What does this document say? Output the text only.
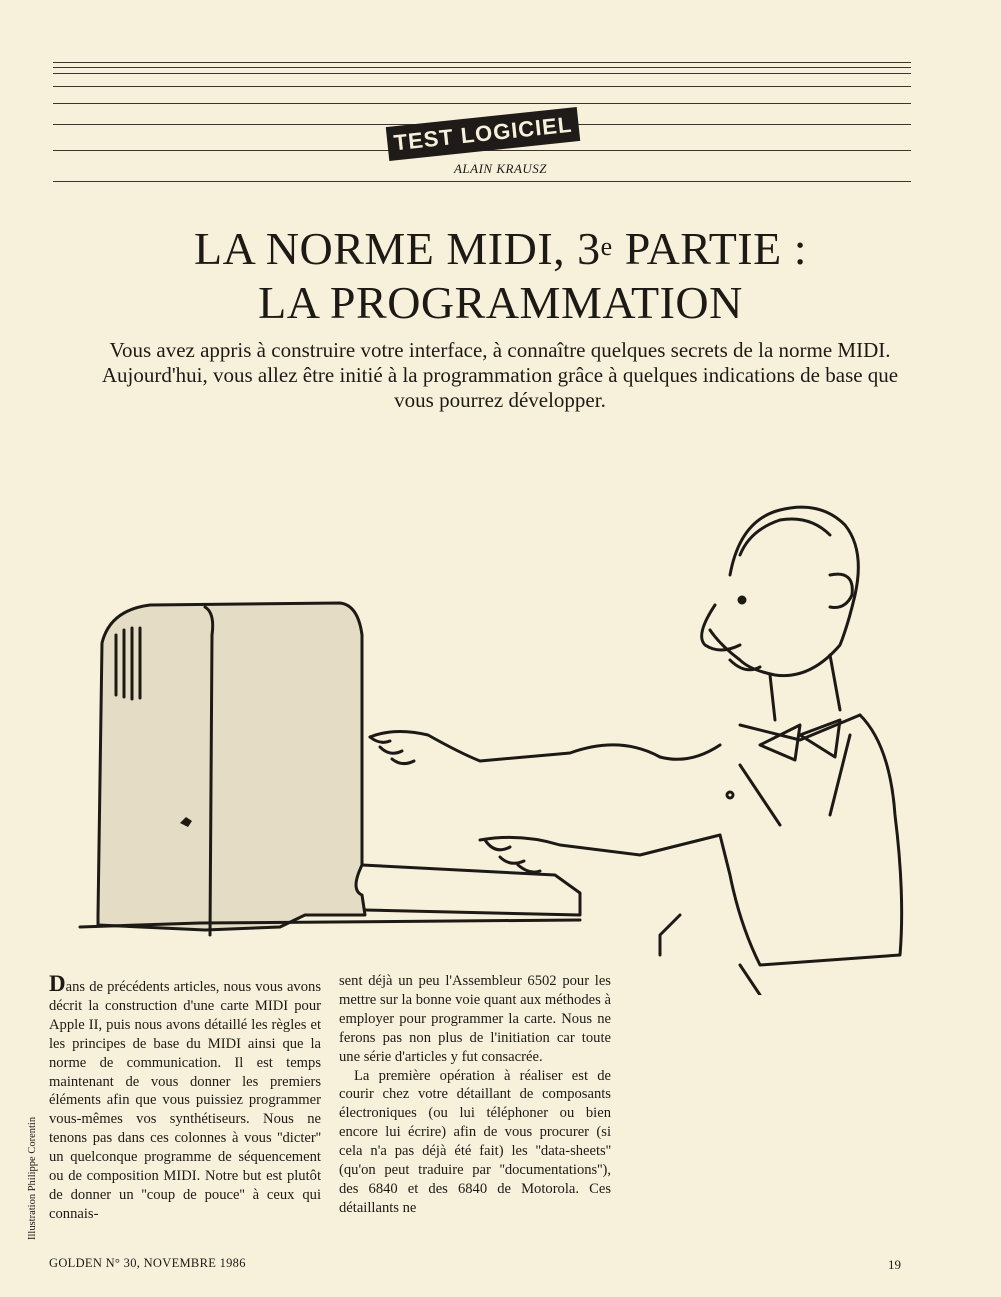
TEST LOGICIEL
ALAIN KRAUSZ
LA NORME MIDI, 3e PARTIE :
LA PROGRAMMATION
Vous avez appris à construire votre interface, à connaître quelques secrets de la norme MIDI. Aujourd'hui, vous allez être initié à la programmation grâce à quelques indications de base que vous pourrez développer.
Illustration Philippe Corentin

Dans de précédents articles, nous vous avons décrit la construction d'une carte MIDI pour Apple II, puis nous avons détaillé les règles et les principes de base du MIDI ainsi que la norme de communication. Il est temps maintenant de vous donner les premiers éléments afin que vous puissiez programmer vous-mêmes vos synthétiseurs. Nous ne tenons pas dans ces colonnes à vous ''dicter'' un quelconque programme de séquencement ou de composition MIDI. Notre but est plutôt de donner un ''coup de pouce'' à ceux qui connais-

sent déjà un peu l'Assembleur 6502 pour les mettre sur la bonne voie quant aux méthodes à employer pour programmer la carte. Nous ne ferons pas non plus de l'initiation car toute une série d'articles y fut consacrée.

La première opération à réaliser est de courir chez votre détaillant de composants électroniques (ou lui téléphoner ou bien encore lui écrire) afin de vous procurer (si cela n'a pas déjà été fait) les ''data-sheets'' (qu'on peut traduire par ''documentations''), des 6840 et des 6840 de Motorola. Ces détaillants ne

GOLDEN N° 30, NOVEMBRE 1986	19
